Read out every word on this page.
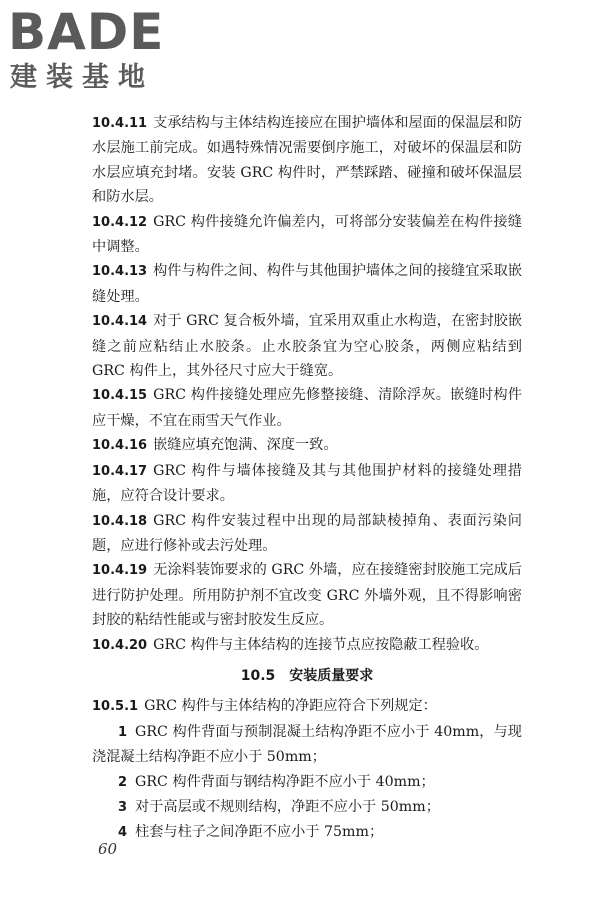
BADE
建装基地

10.4.11 支承结构与主体结构连接应在围护墙体和屋面的保温层和防水层施工前完成。如遇特殊情况需要倒序施工，对破坏的保温层和防水层应填充封堵。安装 GRC 构件时，严禁踩踏、碰撞和破坏保温层和防水层。

10.4.12 GRC 构件接缝允许偏差内，可将部分安装偏差在构件接缝中调整。

10.4.13 构件与构件之间、构件与其他围护墙体之间的接缝宜采取嵌缝处理。

10.4.14 对于 GRC 复合板外墙，宜采用双重止水构造，在密封胶嵌缝之前应粘结止水胶条。止水胶条宜为空心胶条，两侧应粘结到 GRC 构件上，其外径尺寸应大于缝宽。

10.4.15 GRC 构件接缝处理应先修整接缝、清除浮灰。嵌缝时构件应干燥，不宜在雨雪天气作业。

10.4.16 嵌缝应填充饱满、深度一致。

10.4.17 GRC 构件与墙体接缝及其与其他围护材料的接缝处理措施，应符合设计要求。

10.4.18 GRC 构件安装过程中出现的局部缺棱掉角、表面污染问题，应进行修补或去污处理。

10.4.19 无涂料装饰要求的 GRC 外墙，应在接缝密封胶施工完成后进行防护处理。所用防护剂不宜改变 GRC 外墙外观，且不得影响密封胶的粘结性能或与密封胶发生反应。

10.4.20 GRC 构件与主体结构的连接节点应按隐蔽工程验收。

10.5 安装质量要求

10.5.1 GRC 构件与主体结构的净距应符合下列规定：

1 GRC 构件背面与预制混凝土结构净距不应小于 40mm，与现浇混凝土结构净距不应小于 50mm；

2 GRC 构件背面与钢结构净距不应小于 40mm；

3 对于高层或不规则结构，净距不应小于 50mm；

4 柱套与柱子之间净距不应小于 75mm；

60
